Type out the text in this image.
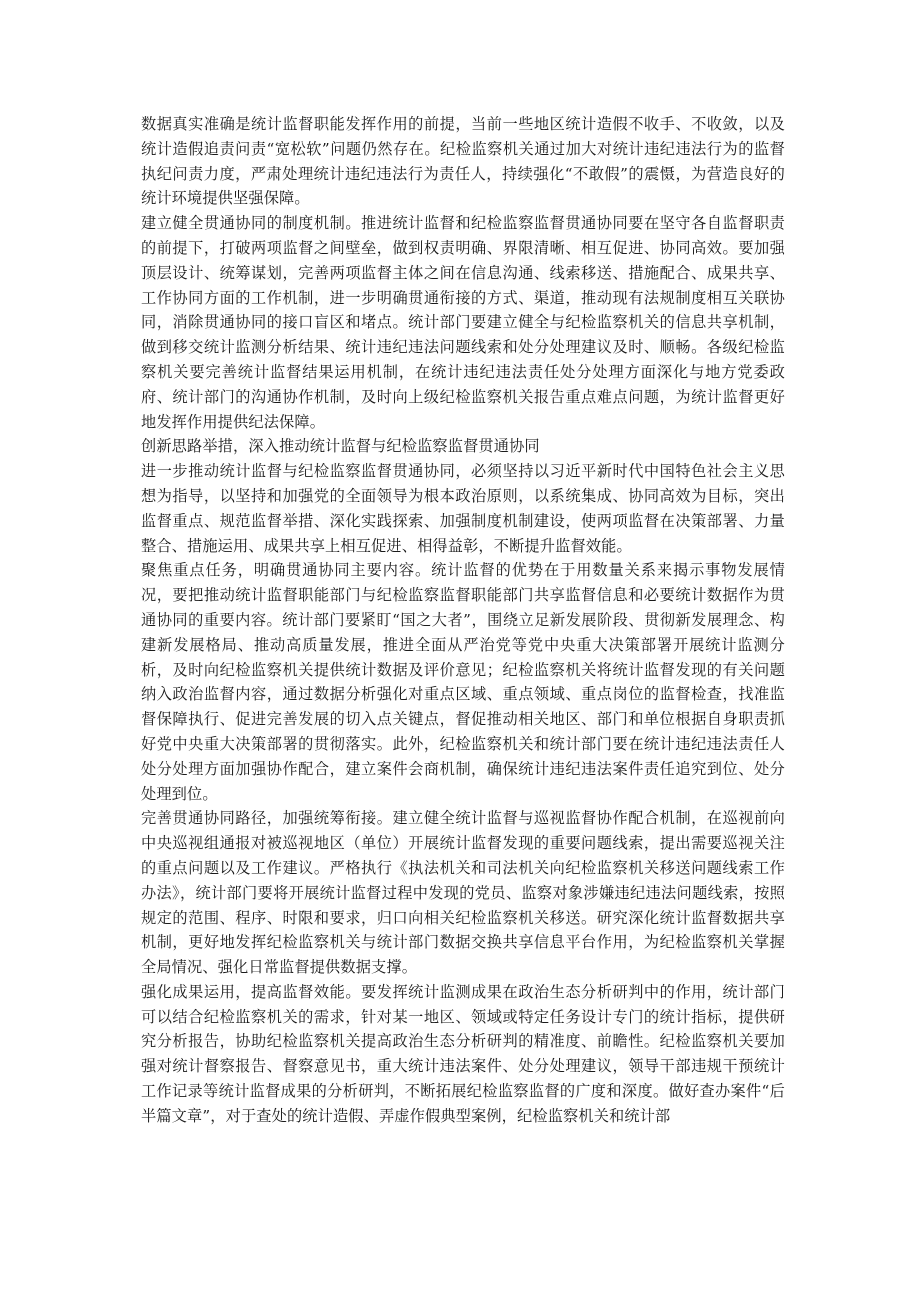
数据真实准确是统计监督职能发挥作用的前提，当前一些地区统计造假不收手、不收敛，以及统计造假追责问责“宽松软”问题仍然存在。纪检监察机关通过加大对统计违纪违法行为的监督执纪问责力度，严肃处理统计违纪违法行为责任人，持续强化“不敢假”的震慑，为营造良好的统计环境提供坚强保障。

建立健全贯通协同的制度机制。推进统计监督和纪检监察监督贯通协同要在坚守各自监督职责的前提下，打破两项监督之间壁垒，做到权责明确、界限清晰、相互促进、协同高效。要加强顶层设计、统筹谋划，完善两项监督主体之间在信息沟通、线索移送、措施配合、成果共享、工作协同方面的工作机制，进一步明确贯通衔接的方式、渠道，推动现有法规制度相互关联协同，消除贯通协同的接口盲区和堵点。统计部门要建立健全与纪检监察机关的信息共享机制，做到移交统计监测分析结果、统计违纪违法问题线索和处分处理建议及时、顺畅。各级纪检监察机关要完善统计监督结果运用机制，在统计违纪违法责任处分处理方面深化与地方党委政府、统计部门的沟通协作机制，及时向上级纪检监察机关报告重点难点问题，为统计监督更好地发挥作用提供纪法保障。

创新思路举措，深入推动统计监督与纪检监察监督贯通协同

进一步推动统计监督与纪检监察监督贯通协同，必须坚持以习近平新时代中国特色社会主义思想为指导，以坚持和加强党的全面领导为根本政治原则，以系统集成、协同高效为目标，突出监督重点、规范监督举措、深化实践探索、加强制度机制建设，使两项监督在决策部署、力量整合、措施运用、成果共享上相互促进、相得益彰，不断提升监督效能。

聚焦重点任务，明确贯通协同主要内容。统计监督的优势在于用数量关系来揭示事物发展情况，要把推动统计监督职能部门与纪检监察监督职能部门共享监督信息和必要统计数据作为贯通协同的重要内容。统计部门要紧盯“国之大者”，围绕立足新发展阶段、贯彻新发展理念、构建新发展格局、推动高质量发展，推进全面从严治党等党中央重大决策部署开展统计监测分析，及时向纪检监察机关提供统计数据及评价意见；纪检监察机关将统计监督发现的有关问题纳入政治监督内容，通过数据分析强化对重点区域、重点领域、重点岗位的监督检查，找准监督保障执行、促进完善发展的切入点关键点，督促推动相关地区、部门和单位根据自身职责抓好党中央重大决策部署的贯彻落实。此外，纪检监察机关和统计部门要在统计违纪违法责任人处分处理方面加强协作配合，建立案件会商机制，确保统计违纪违法案件责任追究到位、处分处理到位。

完善贯通协同路径，加强统筹衔接。建立健全统计监督与巡视监督协作配合机制，在巡视前向中央巡视组通报对被巡视地区（单位）开展统计监督发现的重要问题线索，提出需要巡视关注的重点问题以及工作建议。严格执行《执法机关和司法机关向纪检监察机关移送问题线索工作办法》，统计部门要将开展统计监督过程中发现的党员、监察对象涉嫌违纪违法问题线索，按照规定的范围、程序、时限和要求，归口向相关纪检监察机关移送。研究深化统计监督数据共享机制，更好地发挥纪检监察机关与统计部门数据交换共享信息平台作用，为纪检监察机关掌握全局情况、强化日常监督提供数据支撑。

强化成果运用，提高监督效能。要发挥统计监测成果在政治生态分析研判中的作用，统计部门可以结合纪检监察机关的需求，针对某一地区、领域或特定任务设计专门的统计指标，提供研究分析报告，协助纪检监察机关提高政治生态分析研判的精准度、前瞻性。纪检监察机关要加强对统计督察报告、督察意见书，重大统计违法案件、处分处理建议，领导干部违规干预统计工作记录等统计监督成果的分析研判，不断拓展纪检监察监督的广度和深度。做好查办案件“后半篇文章”，对于查处的统计造假、弄虚作假典型案例，纪检监察机关和统计部
